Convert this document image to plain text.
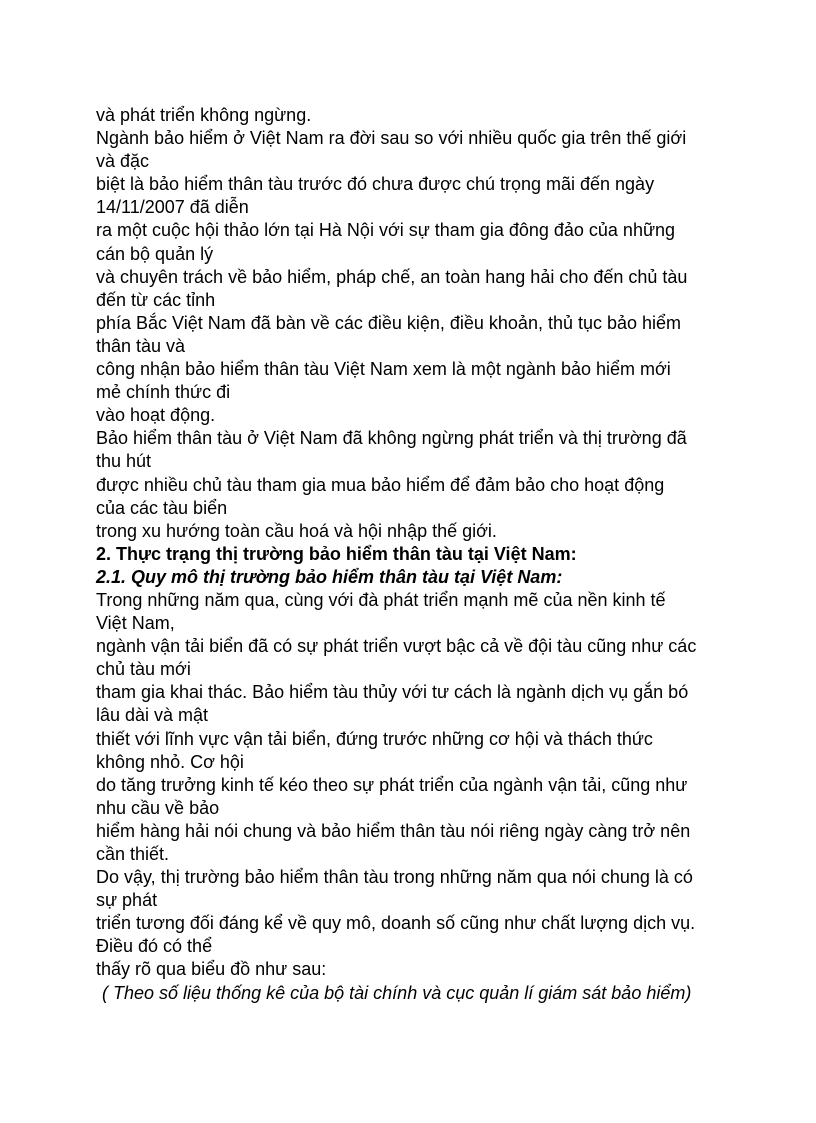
và phát triển không ngừng.

Ngành bảo hiểm ở Việt Nam ra đời sau so với nhiều quốc gia trên thế giới

và đặc

biệt là bảo hiểm thân tàu trước đó chưa được chú trọng mãi đến ngày

14/11/2007 đã diễn

ra một cuộc hội thảo lớn tại Hà Nội với sự tham gia đông đảo của những

cán bộ quản lý

và chuyên trách về bảo hiểm, pháp chế, an toàn hang hải cho đến chủ tàu

đến từ các tỉnh

phía Bắc Việt Nam đã bàn về các điều kiện, điều khoản, thủ tục bảo hiểm

thân tàu và

công nhận bảo hiểm thân tàu Việt Nam xem là một ngành bảo hiểm mới

mẻ chính thức đi

vào hoạt động.

Bảo hiểm thân tàu ở Việt Nam đã không ngừng phát triển và thị trường đã

thu hút

được nhiều chủ tàu tham gia mua bảo hiểm để đảm bảo cho hoạt động

của các tàu biển

trong xu hướng toàn cầu hoá và hội nhập thế giới.

2. Thực trạng thị trường bảo hiểm thân tàu tại Việt Nam:

2.1. Quy mô thị trường bảo hiểm thân tàu tại Việt Nam:

Trong những năm qua, cùng với đà phát triển mạnh mẽ của nền kinh tế

Việt Nam,

ngành vận tải biển đã có sự phát triển vượt bậc cả về đội tàu cũng như các

chủ tàu mới

tham gia khai thác. Bảo hiểm tàu thủy với tư cách là ngành dịch vụ gắn bó

lâu dài và mật

thiết với lĩnh vực vận tải biển, đứng trước những cơ hội và thách thức

không nhỏ. Cơ hội

do tăng trưởng kinh tế kéo theo sự phát triển của ngành vận tải, cũng như

nhu cầu về bảo

hiểm hàng hải nói chung và bảo hiểm thân tàu nói riêng ngày càng trở nên

cần thiết.

Do vậy, thị trường bảo hiểm thân tàu trong những năm qua nói chung là có

sự phát

triển tương đối đáng kể về quy mô, doanh số cũng như chất lượng dịch vụ.

Điều đó có thể

thấy rõ qua biểu đồ như sau:

( Theo số liệu thống kê của bộ tài chính và cục quản lí giám sát bảo hiểm)
